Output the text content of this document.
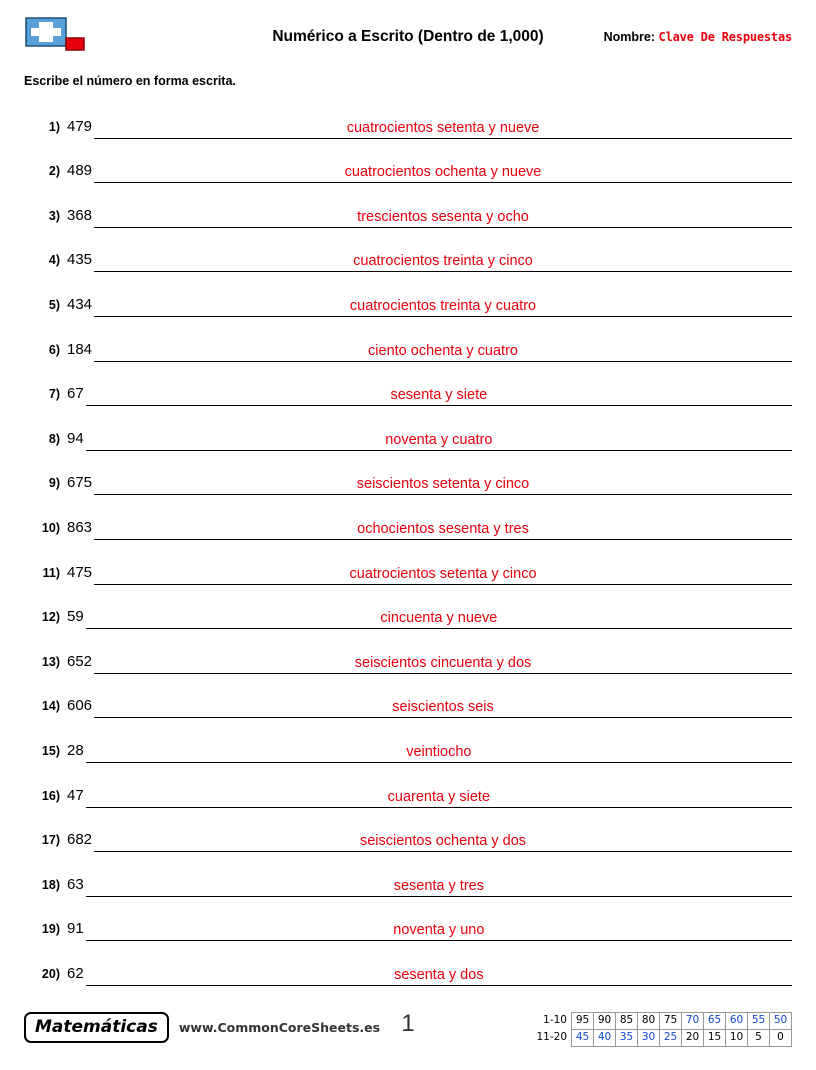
Numérico a Escrito (Dentro de 1,000)	Nombre: Clave De Respuestas
Escribe el número en forma escrita.
1) 479	cuatrocientos setenta y nueve
2) 489	cuatrocientos ochenta y nueve
3) 368	trescientos sesenta y ocho
4) 435	cuatrocientos treinta y cinco
5) 434	cuatrocientos treinta y cuatro
6) 184	ciento ochenta y cuatro
7) 67	sesenta y siete
8) 94	noventa y cuatro
9) 675	seiscientos setenta y cinco
10) 863	ochocientos sesenta y tres
11) 475	cuatrocientos setenta y cinco
12) 59	cincuenta y nueve
13) 652	seiscientos cincuenta y dos
14) 606	seiscientos seis
15) 28	veintiocho
16) 47	cuarenta y siete
17) 682	seiscientos ochenta y dos
18) 63	sesenta y tres
19) 91	noventa y uno
20) 62	sesenta y dos
Matemáticas	www.CommonCoreSheets.es 1	1-10	95	90	85	80	75	70	65	60	55	50
11-20	45	40	35	30	25	20	15	10	5	0
